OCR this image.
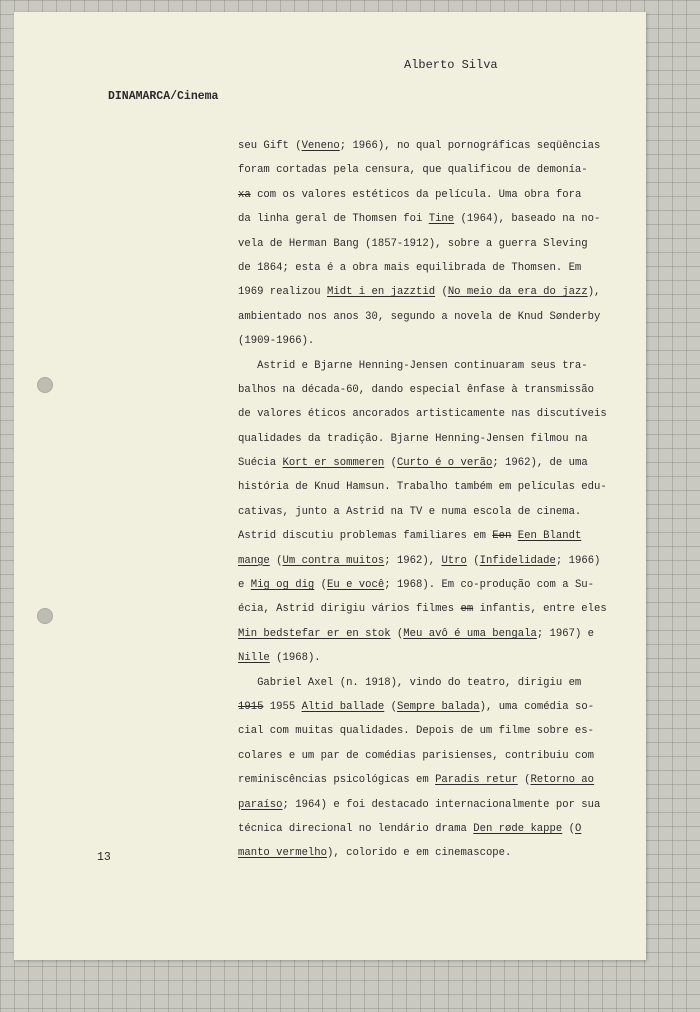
Alberto Silva
DINAMARCA/Cinema
seu Gift (Veneno; 1966), no qual pornográficas seqüências
foram cortadas pela censura, que qualificou de demonía-
xa com os valores estéticos da película. Uma obra fora
da linha geral de Thomsen foi Tine (1964), baseado na no-
vela de Herman Bang (1857-1912), sobre a guerra Sleving
de 1864; esta é a obra mais equilibrada de Thomsen. Em
1969 realizou Midt i en jazztid (No meio da era do jazz),
ambientado nos anos 30, segundo a novela de Knud Sønderby
(1909-1966).
Astrid e Bjarne Henning-Jensen continuaram seus tra-
balhos na década-60, dando especial ênfase à transmissão
de valores éticos ancorados artisticamente nas discutíveis
qualidades da tradição. Bjarne Henning-Jensen filmou na
Suécia Kort er sommeren (Curto é o verão; 1962), de uma
história de Knud Hamsun. Trabalho também em películas edu-
cativas, junto a Astrid na TV e numa escola de cinema.
Astrid discutiu problemas familiares em Een Een Blandt
mange (Um contra muitos; 1962), Utro (Infidelidade; 1966)
e Mig og dig (Eu e você; 1968). Em co-produção com a Su-
écia, Astrid dirigiu vários filmes em infantis, entre eles
Min bedstefar er en stok (Meu avô é uma bengala; 1967) e
Nille (1968).
Gabriel Axel (n. 1918), vindo do teatro, dirigiu em
1915 1955 Altid ballade (Sempre balada), uma comédia so-
cial com muitas qualidades. Depois de um filme sobre es-
colares e um par de comédias parisienses, contribuiu com
reminiscências psicológicas em Paradis retur (Retorno ao
paraíso; 1964) e foi destacado internacionalmente por sua
técnica direcional no lendário drama Den røde kappe (O
manto vermelho), colorido e em cinemascope.
13
